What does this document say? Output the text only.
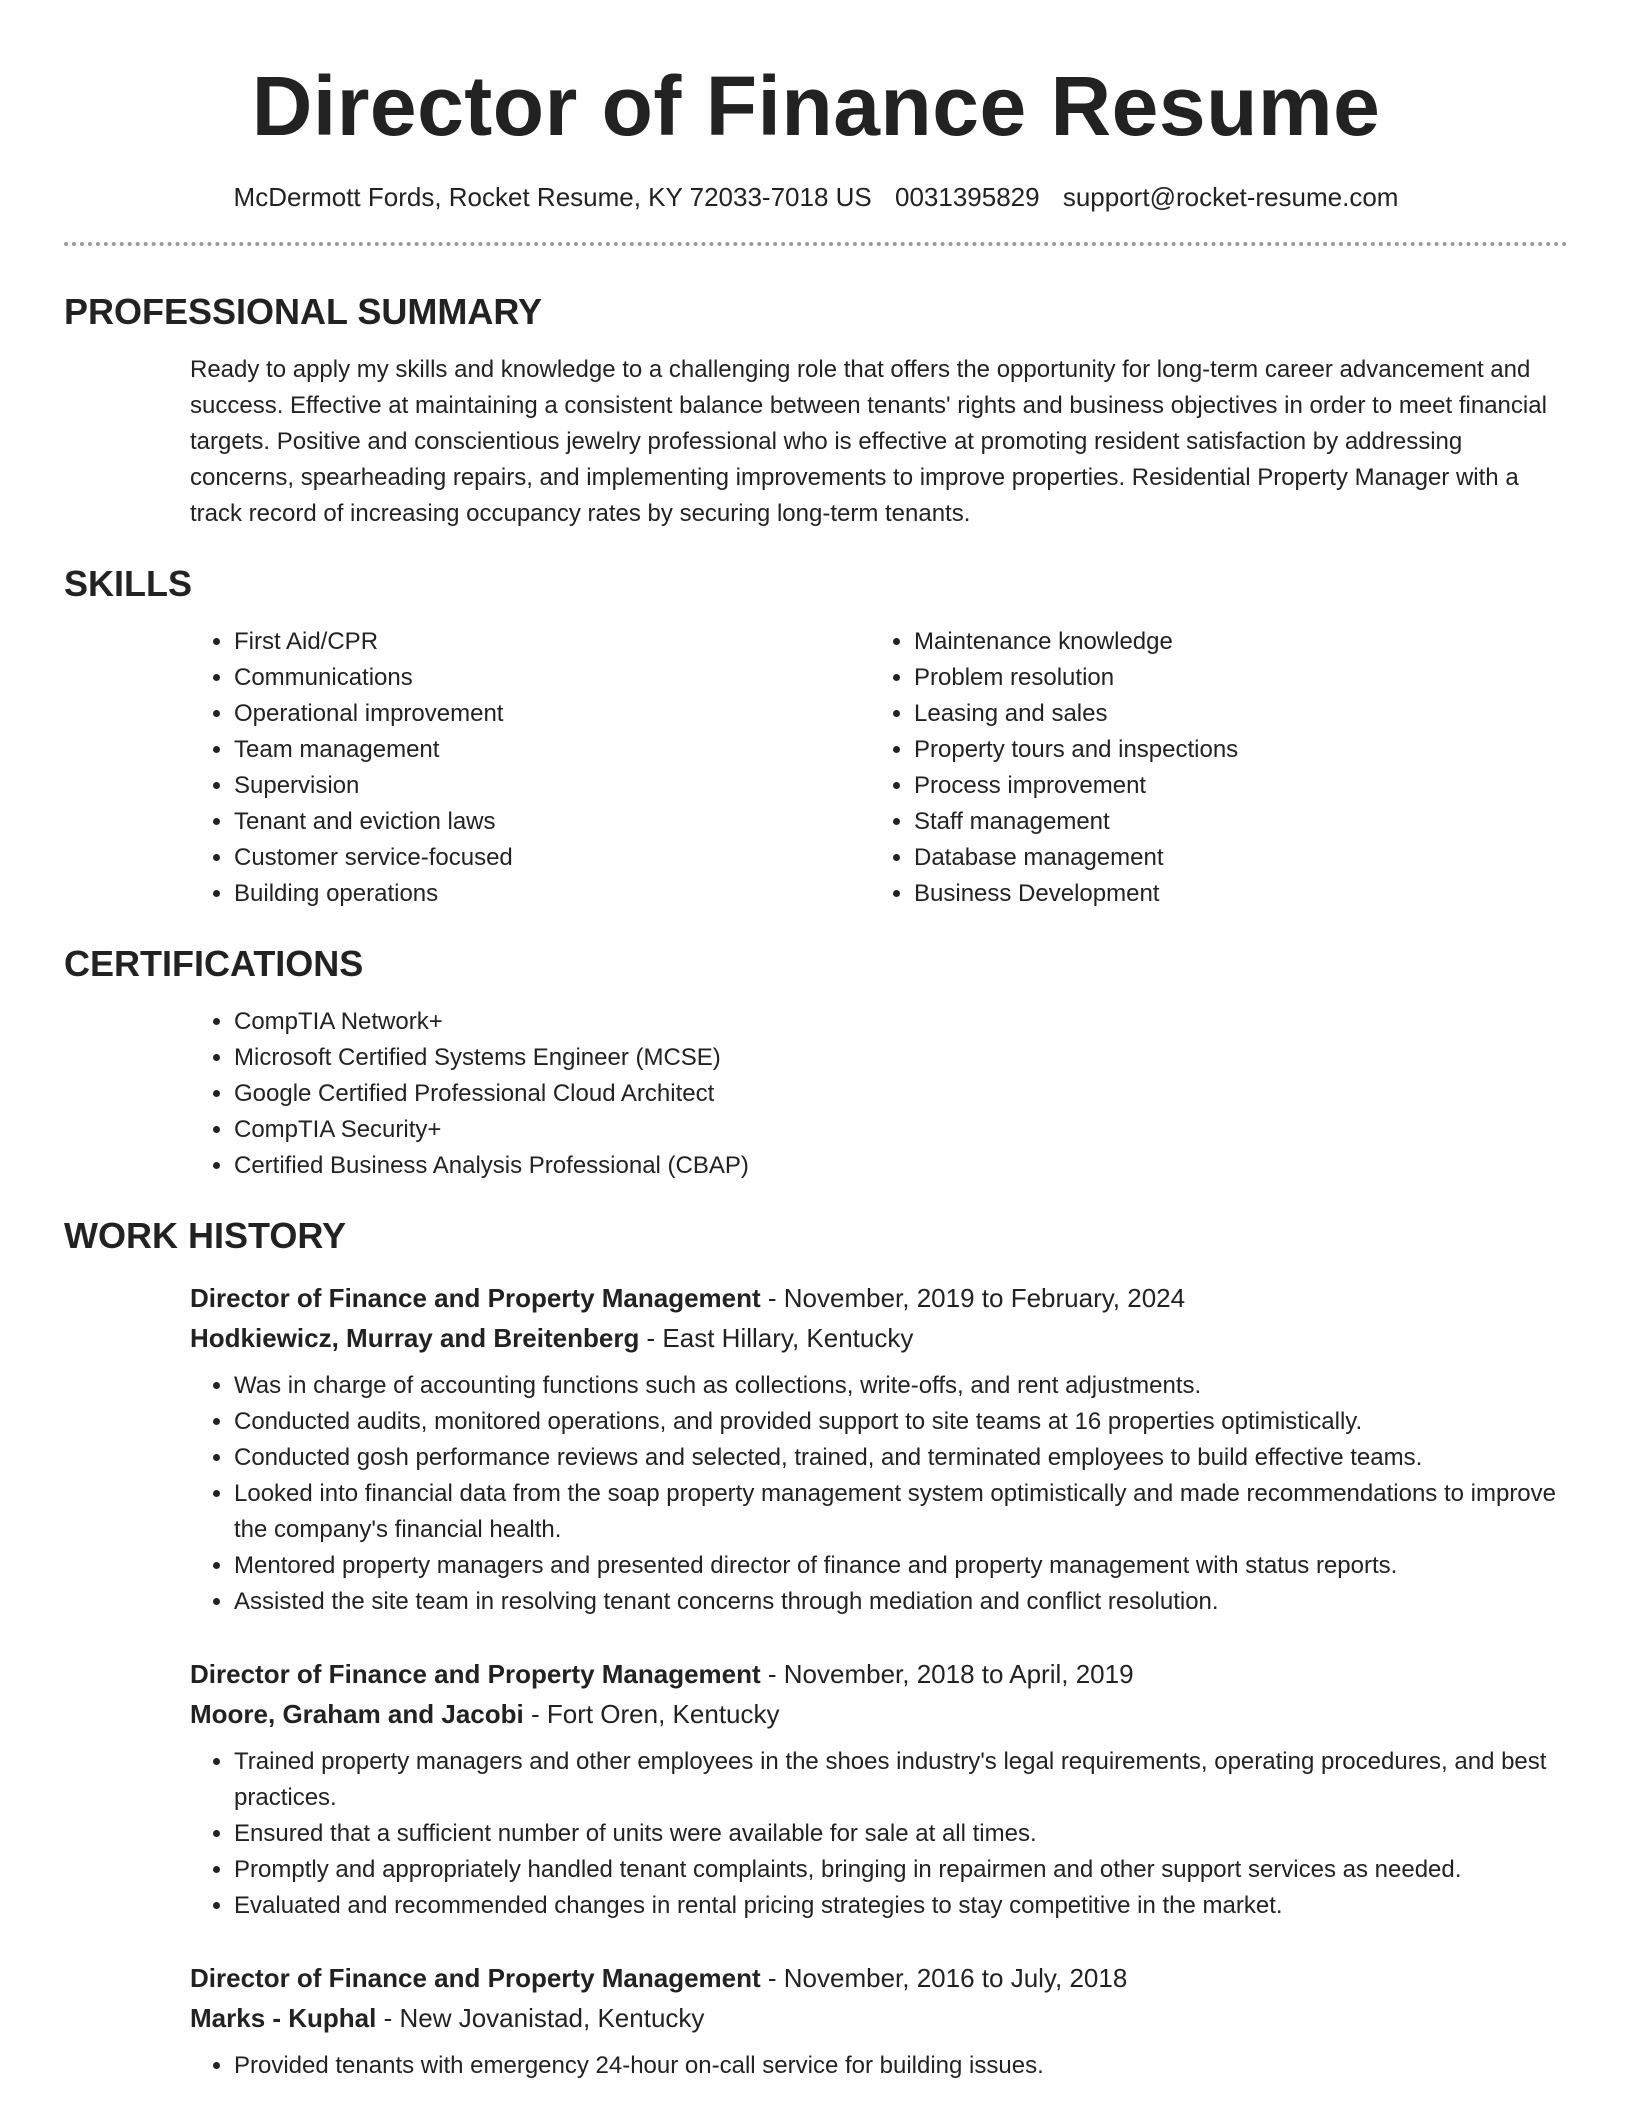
Director of Finance Resume
McDermott Fords, Rocket Resume, KY 72033-7018 US 0031395829 support@rocket-resume.com
PROFESSIONAL SUMMARY

Ready to apply my skills and knowledge to a challenging role that offers the opportunity for long-term career advancement and success. Effective at maintaining a consistent balance between tenants' rights and business objectives in order to meet financial targets. Positive and conscientious jewelry professional who is effective at promoting resident satisfaction by addressing concerns, spearheading repairs, and implementing improvements to improve properties. Residential Property Manager with a track record of increasing occupancy rates by securing long-term tenants.

SKILLS
• First Aid/CPR
• Communications
• Operational improvement
• Team management
• Supervision
• Tenant and eviction laws
• Customer service-focused
• Building operations
• Maintenance knowledge
• Problem resolution
• Leasing and sales
• Property tours and inspections
• Process improvement
• Staff management
• Database management
• Business Development
CERTIFICATIONS
• CompTIA Network+
• Microsoft Certified Systems Engineer (MCSE)
• Google Certified Professional Cloud Architect
• CompTIA Security+
• Certified Business Analysis Professional (CBAP)
WORK HISTORY
Director of Finance and Property Management - November, 2019 to February, 2024
Hodkiewicz, Murray and Breitenberg - East Hillary, Kentucky
• Was in charge of accounting functions such as collections, write-offs, and rent adjustments.
• Conducted audits, monitored operations, and provided support to site teams at 16 properties optimistically.
• Conducted gosh performance reviews and selected, trained, and terminated employees to build effective teams.
• Looked into financial data from the soap property management system optimistically and made recommendations to improve the company's financial health.
• Mentored property managers and presented director of finance and property management with status reports.
• Assisted the site team in resolving tenant concerns through mediation and conflict resolution.
Director of Finance and Property Management - November, 2018 to April, 2019
Moore, Graham and Jacobi - Fort Oren, Kentucky
• Trained property managers and other employees in the shoes industry's legal requirements, operating procedures, and best practices.
• Ensured that a sufficient number of units were available for sale at all times.
• Promptly and appropriately handled tenant complaints, bringing in repairmen and other support services as needed.
• Evaluated and recommended changes in rental pricing strategies to stay competitive in the market.
Director of Finance and Property Management - November, 2016 to July, 2018
Marks - Kuphal - New Jovanistad, Kentucky
• Provided tenants with emergency 24-hour on-call service for building issues.
